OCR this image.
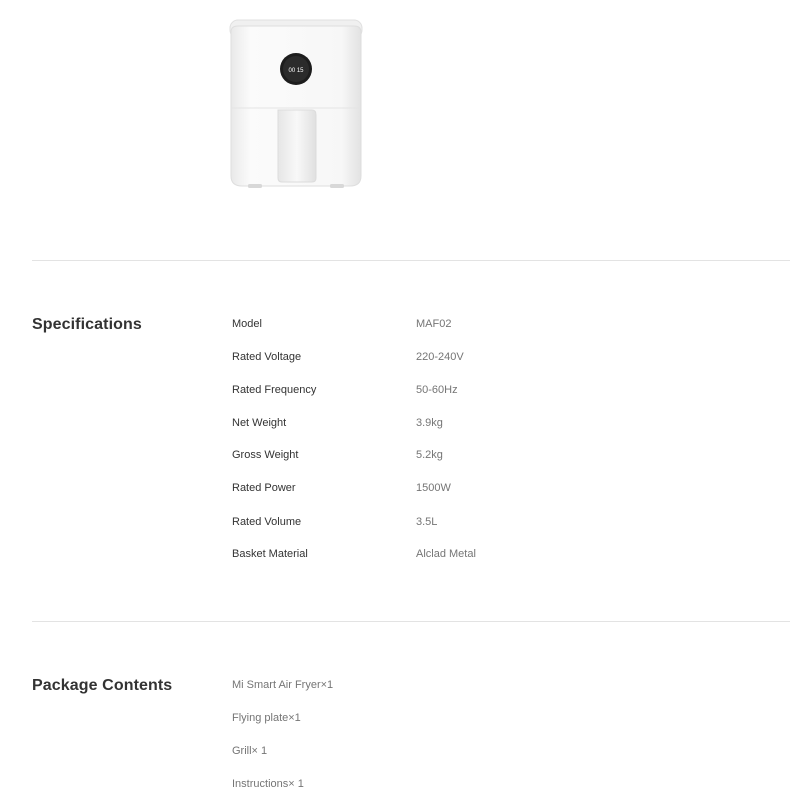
00 15
Specifications	Model	MAF02
Rated Voltage	220-240V
Rated Frequency	50-60Hz
Net Weight	3.9kg
Gross Weight	5.2kg
Rated Power	1500W
Rated Volume	3.5L
Basket Material	Alclad Metal
Package Contents	Mi Smart Air Fryer×1
Flying plate×1
Grill× 1
Instructions× 1
